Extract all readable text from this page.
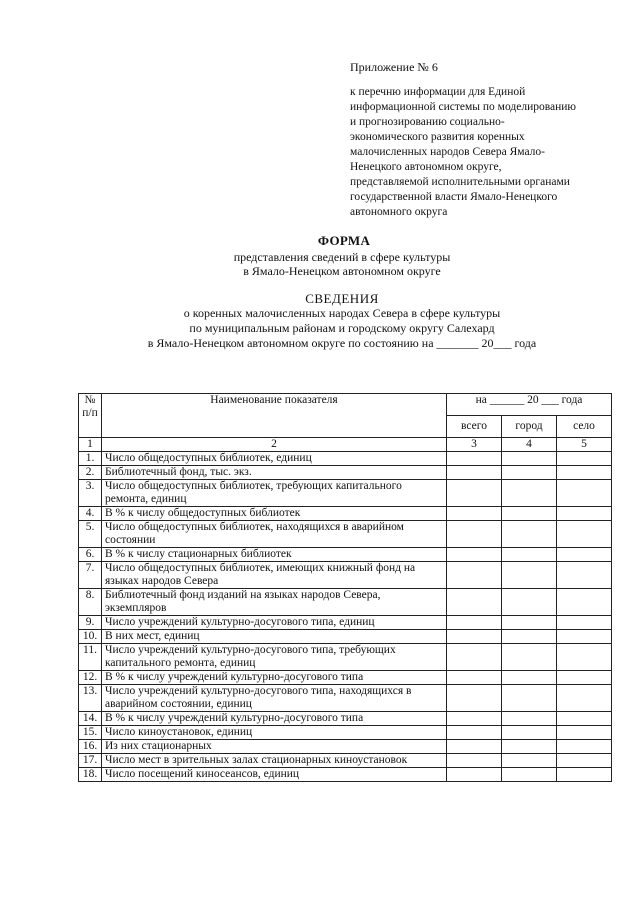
Приложение № 6
к перечню информации для Единой
информационной системы по моделированию
и прогнозированию социально-
экономического развития коренных
малочисленных народов Севера Ямало-
Ненецкого автономном округе,
представляемой исполнительными органами
государственной власти Ямало-Ненецкого
автономного округа
ФОРМА
представления сведений в сфере культуры
в Ямало-Ненецком автономном округе
СВЕДЕНИЯ
о коренных малочисленных народах Севера в сфере культуры
по муниципальным районам и городскому округу Салехард
в Ямало-Ненецком автономном округе по состоянию на _______ 20___ года
№ п/п	Наименование показателя	на ______ 20 ___ года		
		всего	город	село
1	2	3	4	5
1.	Число общедоступных библиотек, единиц			
2.	Библиотечный фонд, тыс. экз.			
3.	Число общедоступных библиотек, требующих капитального ремонта, единиц			
4.	В % к числу общедоступных библиотек			
5.	Число общедоступных библиотек, находящихся в аварийном состоянии			
6.	В % к числу стационарных библиотек			
7.	Число общедоступных библиотек, имеющих книжный фонд на языках народов Севера			
8.	Библиотечный фонд изданий на языках народов Севера, экземпляров			
9.	Число учреждений культурно-досугового типа, единиц			
10.	В них мест, единиц			
11.	Число учреждений культурно-досугового типа, требующих капитального ремонта, единиц			
12.	В % к числу учреждений культурно-досугового типа			
13.	Число учреждений культурно-досугового типа, находящихся в аварийном состоянии, единиц			
14.	В % к числу учреждений культурно-досугового типа			
15.	Число киноустановок, единиц			
16.	Из них стационарных			
17.	Число мест в зрительных залах стационарных киноустановок			
18.	Число посещений киносеансов, единиц			
